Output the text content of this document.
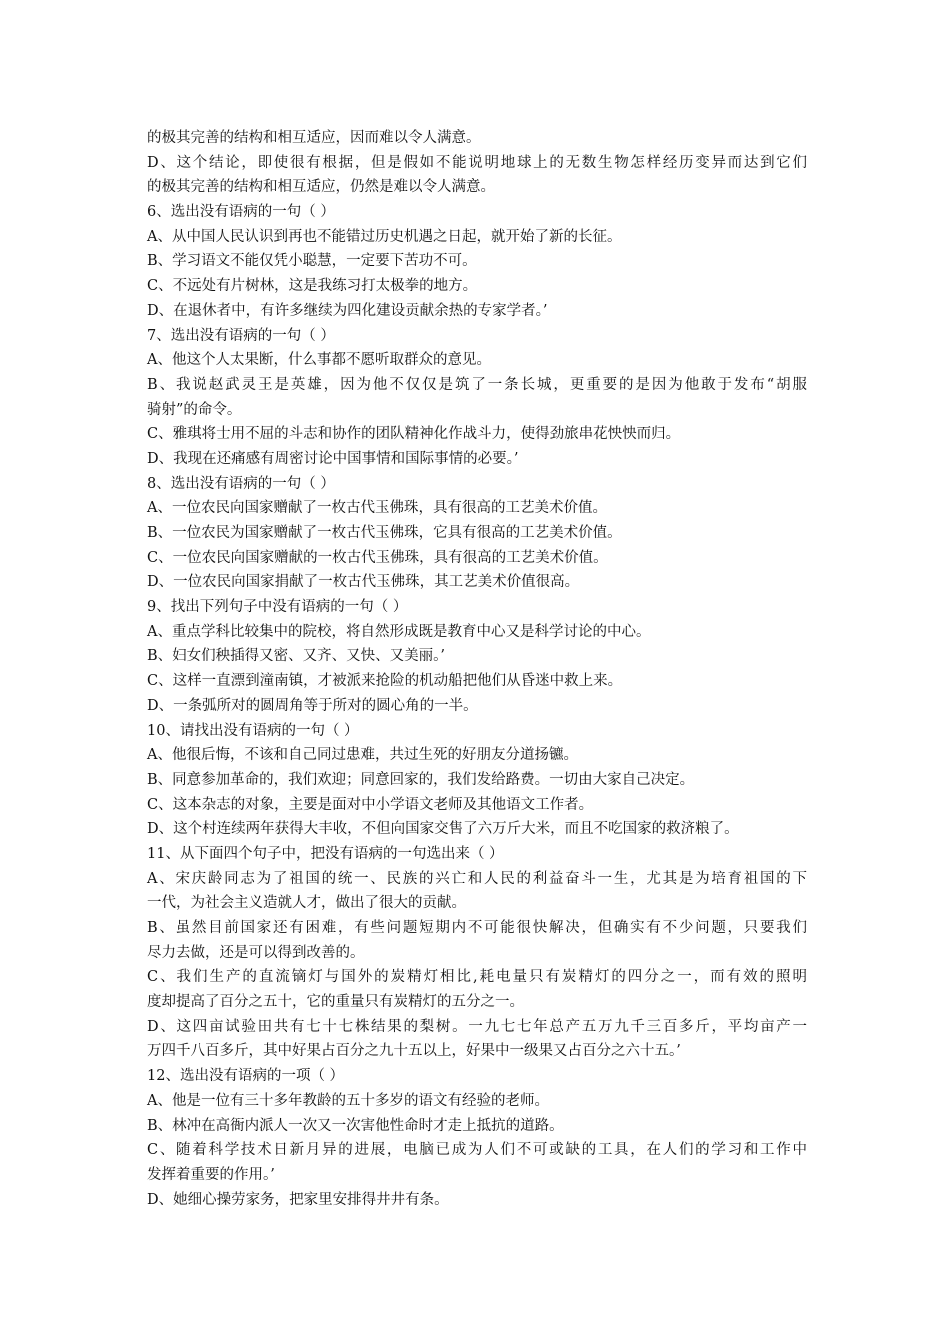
的极其完善的结构和相互适应，因而难以令人满意。
D、这个结论，即使很有根据，但是假如不能说明地球上的无数生物怎样经历变异而达到它们
的极其完善的结构和相互适应，仍然是难以令人满意。
6、选出没有语病的一句（ ）
A、从中国人民认识到再也不能错过历史机遇之日起，就开始了新的长征。
B、学习语文不能仅凭小聪慧，一定要下苦功不可。
C、不远处有片树林，这是我练习打太极拳的地方。
D、在退休者中，有许多继续为四化建设贡献余热的专家学者。’
7、选出没有语病的一句（ ）
A、他这个人太果断，什么事都不愿听取群众的意见。
B、我说赵武灵王是英雄，因为他不仅仅是筑了一条长城，更重要的是因为他敢于发布“胡服
骑射”的命令。
C、雅琪将士用不屈的斗志和协作的团队精神化作战斗力，使得劲旅串花怏怏而归。
D、我现在还痛感有周密讨论中国事情和国际事情的必要。’
8、选出没有语病的一句（ ）
A、一位农民向国家赠献了一枚古代玉佛珠，具有很高的工艺美术价值。
B、一位农民为国家赠献了一枚古代玉佛珠，它具有很高的工艺美术价值。
C、一位农民向国家赠献的一枚古代玉佛珠，具有很高的工艺美术价值。
D、一位农民向国家捐献了一枚古代玉佛珠，其工艺美术价值很高。
9、找出下列句子中没有语病的一句（ ）
A、重点学科比较集中的院校，将自然形成既是教育中心又是科学讨论的中心。
B、妇女们秧插得又密、又齐、又快、又美丽。’
C、这样一直漂到潼南镇，才被派来抢险的机动船把他们从昏迷中救上来。
D、一条弧所对的圆周角等于所对的圆心角的一半。
10、请找出没有语病的一句（ ）
A、他很后悔，不该和自己同过患难，共过生死的好朋友分道扬镳。
B、同意参加革命的，我们欢迎；同意回家的，我们发给路费。一切由大家自己决定。
C、这本杂志的对象，主要是面对中小学语文老师及其他语文工作者。
D、这个村连续两年获得大丰收，不但向国家交售了六万斤大米，而且不吃国家的救济粮了。
11、从下面四个句子中，把没有语病的一句选出来（ ）
A、宋庆龄同志为了祖国的统一、民族的兴亡和人民的利益奋斗一生，尤其是为培育祖国的下
一代，为社会主义造就人才，做出了很大的贡献。
B、虽然目前国家还有困难，有些问题短期内不可能很快解决，但确实有不少问题，只要我们
尽力去做，还是可以得到改善的。
C、我们生产的直流镝灯与国外的炭精灯相比,耗电量只有炭精灯的四分之一，而有效的照明
度却提高了百分之五十，它的重量只有炭精灯的五分之一。
D、这四亩试验田共有七十七株结果的梨树。一九七七年总产五万九千三百多斤，平均亩产一
万四千八百多斤，其中好果占百分之九十五以上，好果中一级果又占百分之六十五。’
12、选出没有语病的一项（ ）
A、他是一位有三十多年教龄的五十多岁的语文有经验的老师。
B、林冲在高衙内派人一次又一次害他性命时才走上抵抗的道路。
C、随着科学技术日新月异的进展，电脑已成为人们不可或缺的工具，在人们的学习和工作中
发挥着重要的作用。’
D、她细心操劳家务，把家里安排得井井有条。
